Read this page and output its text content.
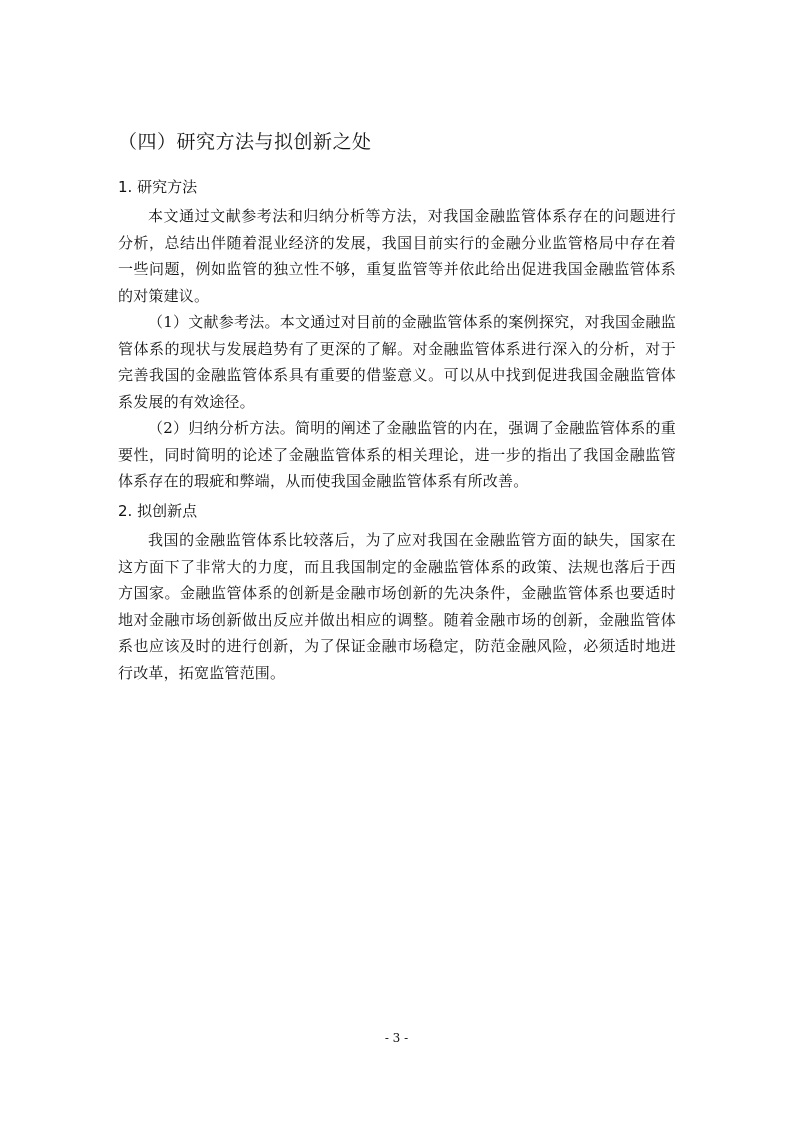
（四）研究方法与拟创新之处
1. 研究方法

本文通过文献参考法和归纳分析等方法，对我国金融监管体系存在的问题进行分析，总结出伴随着混业经济的发展，我国目前实行的金融分业监管格局中存在着一些问题，例如监管的独立性不够，重复监管等并依此给出促进我国金融监管体系的对策建议。

（1）文献参考法。本文通过对目前的金融监管体系的案例探究，对我国金融监管体系的现状与发展趋势有了更深的了解。对金融监管体系进行深入的分析，对于完善我国的金融监管体系具有重要的借鉴意义。可以从中找到促进我国金融监管体系发展的有效途径。

（2）归纳分析方法。简明的阐述了金融监管的内在，强调了金融监管体系的重要性，同时简明的论述了金融监管体系的相关理论，进一步的指出了我国金融监管体系存在的瑕疵和弊端，从而使我国金融监管体系有所改善。

2. 拟创新点

我国的金融监管体系比较落后，为了应对我国在金融监管方面的缺失，国家在这方面下了非常大的力度，而且我国制定的金融监管体系的政策、法规也落后于西方国家。金融监管体系的创新是金融市场创新的先决条件，金融监管体系也要适时地对金融市场创新做出反应并做出相应的调整。随着金融市场的创新，金融监管体系也应该及时的进行创新，为了保证金融市场稳定，防范金融风险，必须适时地进行改革，拓宽监管范围。

- 3 -
